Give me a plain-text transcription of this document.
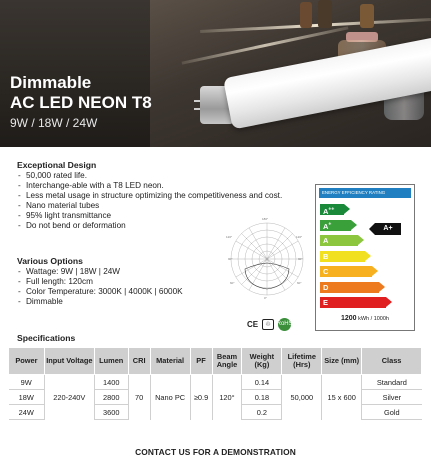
Dimmable
AC LED NEON T8
9W / 18W / 24W
Exceptional Design
- 50,000 rated life.
- Interchange-able with a T8 LED neon.
- Less metal usage in structure optimizing the competitiveness and cost.
- Nano material tubes
- 95% light transmittance
- Do not bend or deformation
Various Options
- Wattage: 9W | 18W | 24W
- Full length: 120cm
- Color Temperature: 3000K | 4000K | 6000K
- Dimmable
180°
90°	90°
120°	120°
60°	60°
0°
CE	♲ RoHS
ENERGY EFFICIENCY RATING
A++
A+
A
B
C
D
E
A+
1200 kWh / 1000h
Specifications
Power	Input Voltage	Lumen	CRI	Material	PF	Beam Angle	Weight (Kg)	Lifetime (Hrs)	Size (mm)	Class
9W	220-240V	1400	70	Nano PC	≥0.9	120°	0.14	50,000	15 x 600	Standard
18W		2800					0.18			Silver
24W		3600					0.2			Gold
CONTACT US FOR A DEMONSTRATION
